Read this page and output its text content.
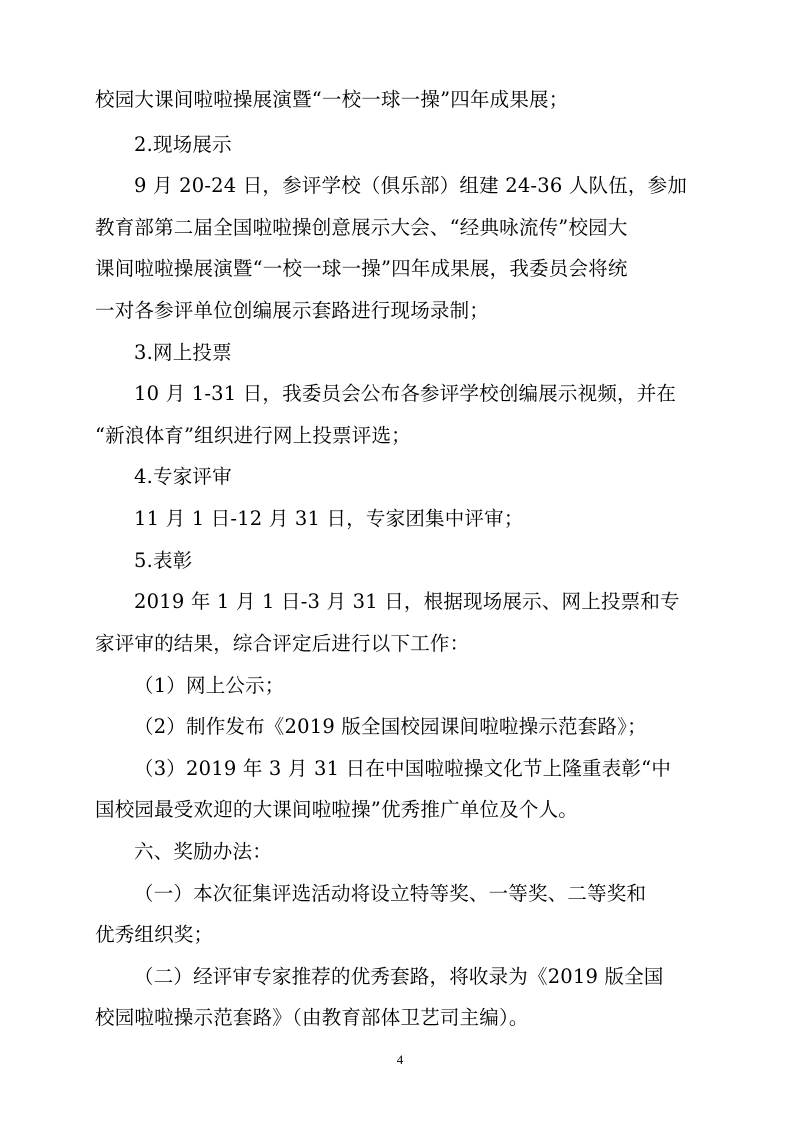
校园大课间啦啦操展演暨“一校一球一操”四年成果展；
2.现场展示
9 月 20-24 日，参评学校（俱乐部）组建 24-36 人队伍，参加
教育部第二届全国啦啦操创意展示大会、“经典咏流传”校园大
课间啦啦操展演暨“一校一球一操”四年成果展，我委员会将统
一对各参评单位创编展示套路进行现场录制；
3.网上投票
10 月 1-31 日，我委员会公布各参评学校创编展示视频，并在
“新浪体育”组织进行网上投票评选；
4.专家评审
11 月 1 日-12 月 31 日，专家团集中评审；
5.表彰
2019 年 1 月 1 日-3 月 31 日，根据现场展示、网上投票和专
家评审的结果，综合评定后进行以下工作：
（1）网上公示；
（2）制作发布《2019 版全国校园课间啦啦操示范套路》；
（3）2019 年 3 月 31 日在中国啦啦操文化节上隆重表彰“中
国校园最受欢迎的大课间啦啦操”优秀推广单位及个人。
六、奖励办法：
（一）本次征集评选活动将设立特等奖、一等奖、二等奖和
优秀组织奖；
（二）经评审专家推荐的优秀套路，将收录为《2019 版全国
校园啦啦操示范套路》（由教育部体卫艺司主编）。
4
